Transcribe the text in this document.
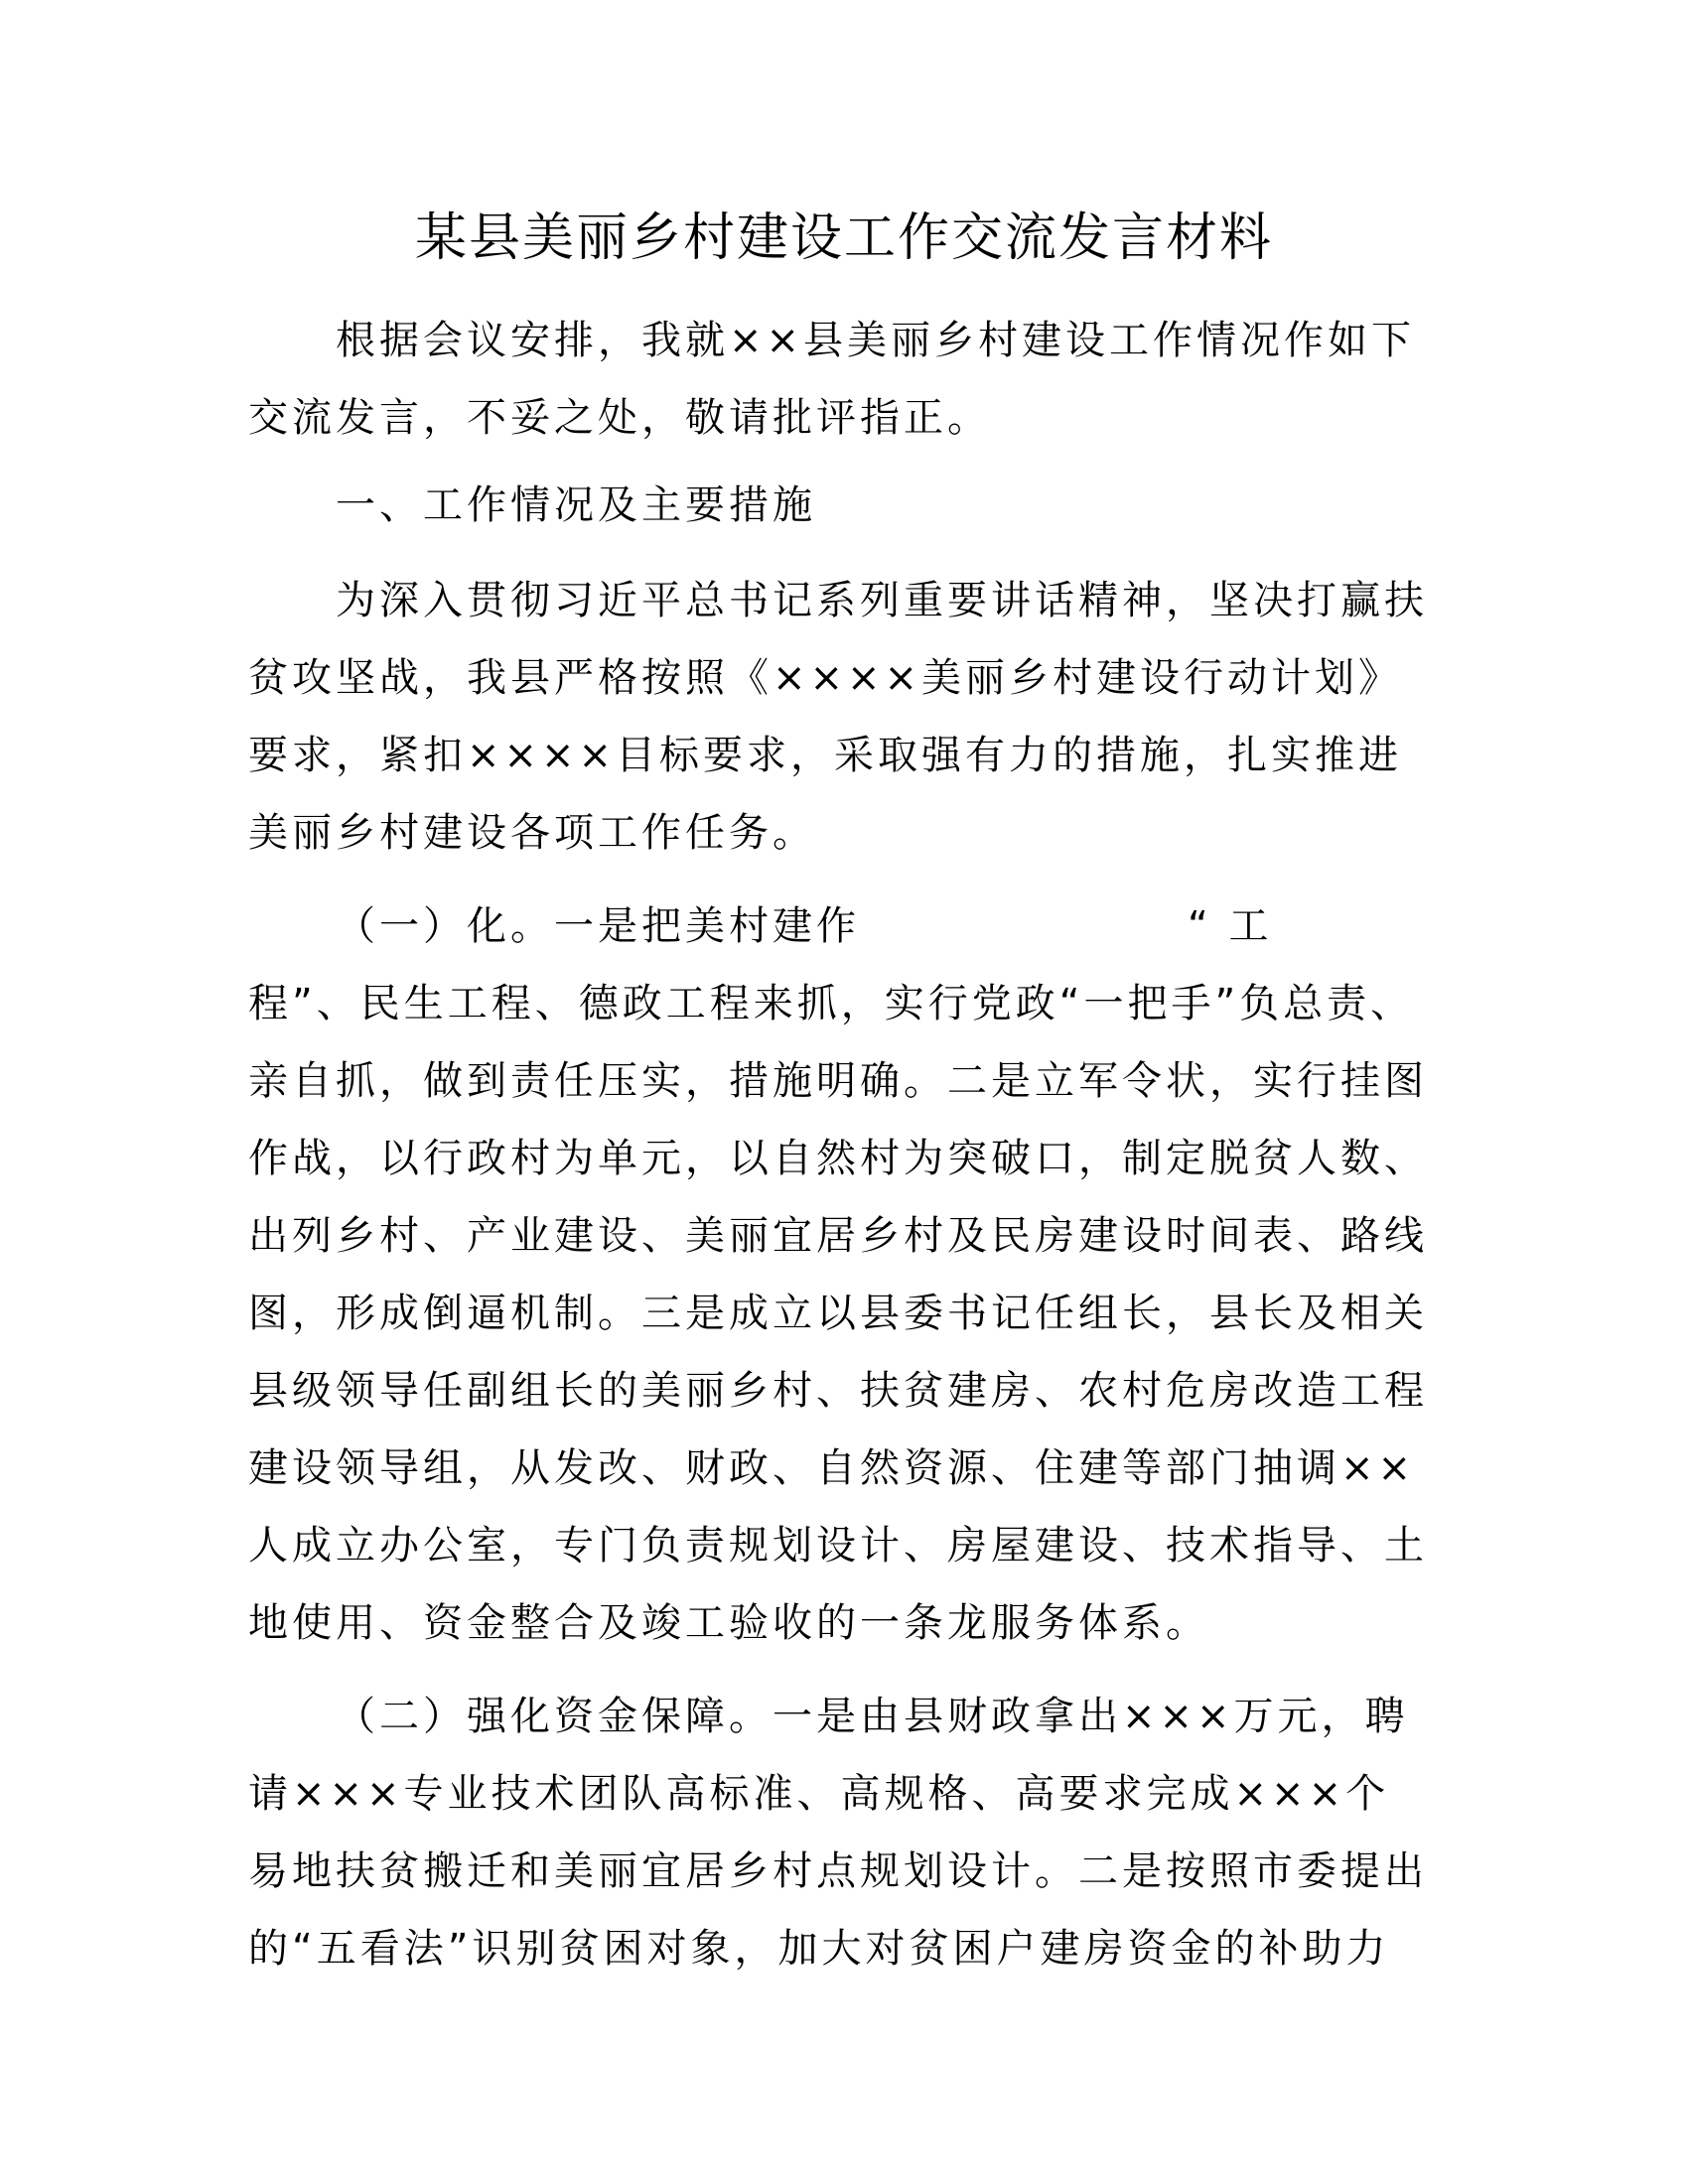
某县美丽乡村建设工作交流发言材料
根据会议安排，我就××县美丽乡村建设工作情况作如下
交流发言，不妥之处，敬请批评指正。
一、工作情况及主要措施
为深入贯彻习近平总书记系列重要讲话精神，坚决打赢扶
贫攻坚战，我县严格按照《××××美丽乡村建设行动计划》
要求，紧扣××××目标要求，采取强有力的措施，扎实推进
美丽乡村建设各项工作任务。
（一）化。一是把美村建作	“ 工
程”、民生工程、德政工程来抓，实行党政“一把手”负总责、
亲自抓，做到责任压实，措施明确。二是立军令状，实行挂图
作战，以行政村为单元，以自然村为突破口，制定脱贫人数、
出列乡村、产业建设、美丽宜居乡村及民房建设时间表、路线
图，形成倒逼机制。三是成立以县委书记任组长，县长及相关
县级领导任副组长的美丽乡村、扶贫建房、农村危房改造工程
建设领导组，从发改、财政、自然资源、住建等部门抽调××
人成立办公室，专门负责规划设计、房屋建设、技术指导、土
地使用、资金整合及竣工验收的一条龙服务体系。
（二）强化资金保障。一是由县财政拿出×××万元，聘
请×××专业技术团队高标准、高规格、高要求完成×××个
易地扶贫搬迁和美丽宜居乡村点规划设计。二是按照市委提出
的“五看法”识别贫困对象，加大对贫困户建房资金的补助力
